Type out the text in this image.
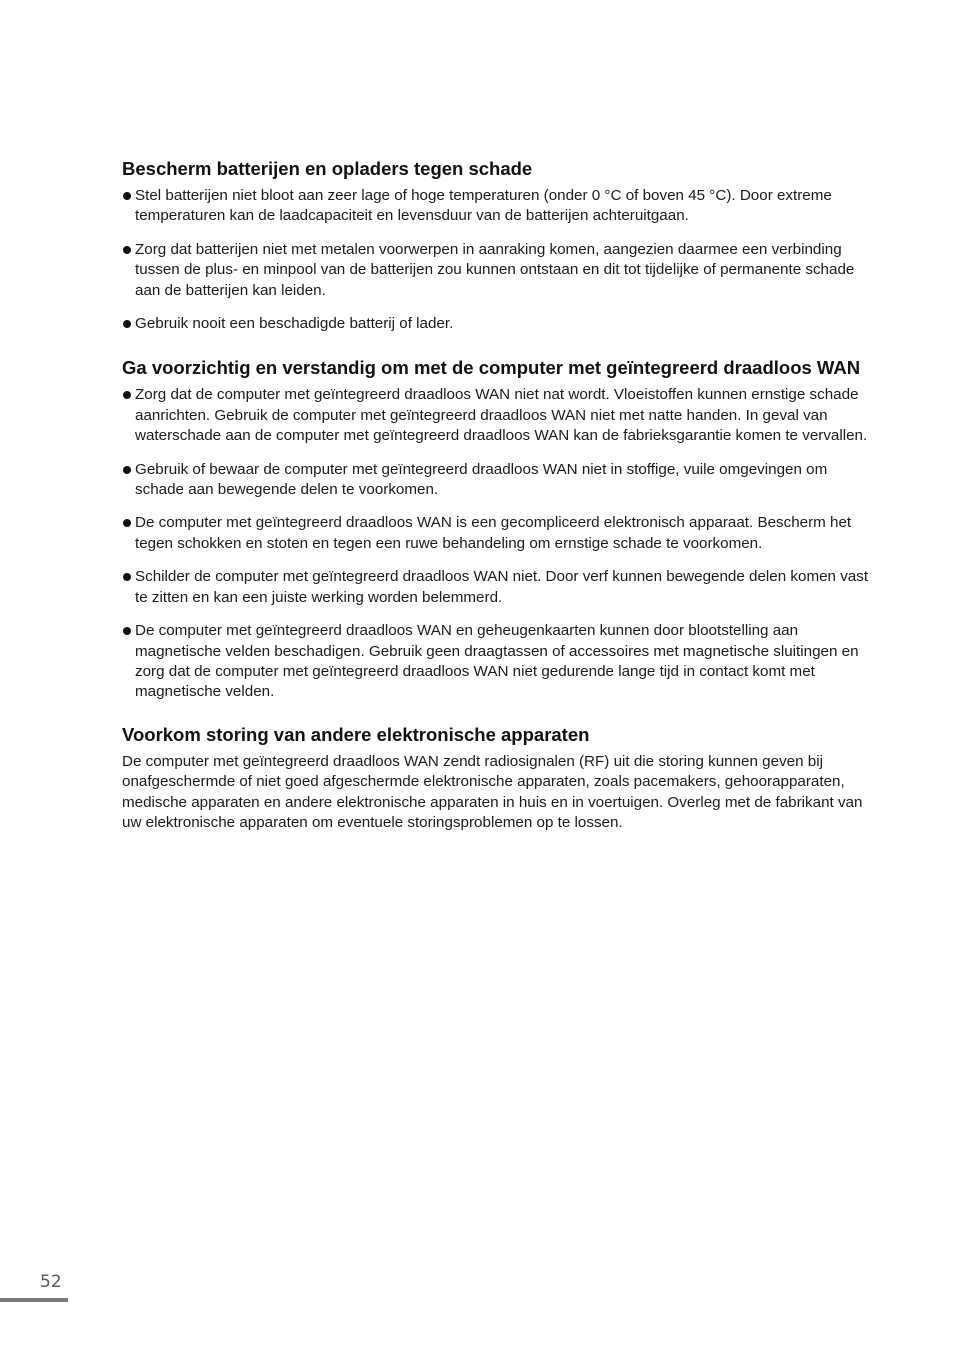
Bescherm batterijen en opladers tegen schade
Stel batterijen niet bloot aan zeer lage of hoge temperaturen (onder 0 °C of boven 45 °C). Door extreme temperaturen kan de laadcapaciteit en levensduur van de batterijen achteruitgaan.
Zorg dat batterijen niet met metalen voorwerpen in aanraking komen, aangezien daarmee een verbinding tussen de plus- en minpool van de batterijen zou kunnen ontstaan en dit tot tijdelijke of permanente schade aan de batterijen kan leiden.
Gebruik nooit een beschadigde batterij of lader.
Ga voorzichtig en verstandig om met de computer met geïntegreerd draadloos WAN
Zorg dat de computer met geïntegreerd draadloos WAN niet nat wordt. Vloeistoffen kunnen ernstige schade aanrichten. Gebruik de computer met geïntegreerd draadloos WAN niet met natte handen. In geval van waterschade aan de computer met geïntegreerd draadloos WAN kan de fabrieksgarantie komen te vervallen.
Gebruik of bewaar de computer met geïntegreerd draadloos WAN niet in stoffige, vuile omgevingen om schade aan bewegende delen te voorkomen.
De computer met geïntegreerd draadloos WAN is een gecompliceerd elektronisch apparaat. Bescherm het tegen schokken en stoten en tegen een ruwe behandeling om ernstige schade te voorkomen.
Schilder de computer met geïntegreerd draadloos WAN niet. Door verf kunnen bewegende delen komen vast te zitten en kan een juiste werking worden belemmerd.
De computer met geïntegreerd draadloos WAN en geheugenkaarten kunnen door blootstelling aan magnetische velden beschadigen. Gebruik geen draagtassen of accessoires met magnetische sluitingen en zorg dat de computer met geïntegreerd draadloos WAN niet gedurende lange tijd in contact komt met magnetische velden.
Voorkom storing van andere elektronische apparaten

De computer met geïntegreerd draadloos WAN zendt radiosignalen (RF) uit die storing kunnen geven bij onafgeschermde of niet goed afgeschermde elektronische apparaten, zoals pacemakers, gehoorapparaten, medische apparaten en andere elektronische apparaten in huis en in voertuigen. Overleg met de fabrikant van uw elektronische apparaten om eventuele storingsproblemen op te lossen.

52
